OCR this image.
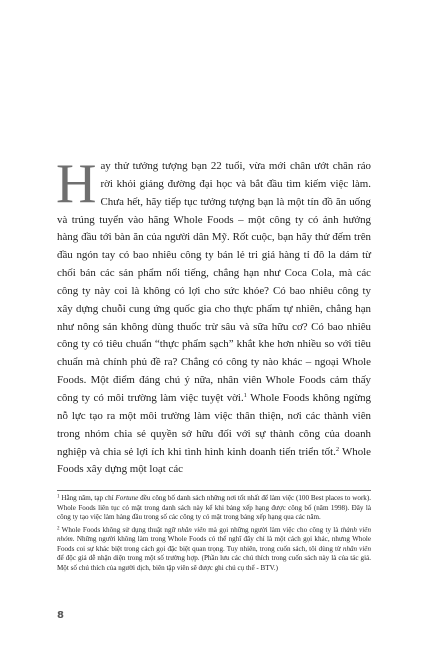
Hay thử tưởng tượng bạn 22 tuổi, vừa mới chân ướt chân ráo rời khỏi giảng đường đại học và bắt đầu tìm kiếm việc làm. Chưa hết, hãy tiếp tục tưởng tượng bạn là một tín đồ ăn uống và trúng tuyển vào hãng Whole Foods – một công ty có ảnh hưởng hàng đầu tới bàn ăn của người dân Mỹ. Rốt cuộc, bạn hãy thử đếm trên đầu ngón tay có bao nhiêu công ty bán lẻ tri giá hàng tỉ đô la dám từ chối bán các sản phẩm nổi tiếng, chẳng hạn như Coca Cola, mà các công ty này coi là không có lợi cho sức khỏe? Có bao nhiêu công ty xây dựng chuỗi cung ứng quốc gia cho thực phẩm tự nhiên, chẳng hạn như nông sản không dùng thuốc trừ sâu và sữa hữu cơ? Có bao nhiêu công ty có tiêu chuẩn “thực phẩm sạch” khắt khe hơn nhiều so với tiêu chuẩn mà chính phủ đề ra? Chẳng có công ty nào khác – ngoại Whole Foods. Một điểm đáng chú ý nữa, nhân viên Whole Foods cảm thấy công ty có môi trường làm việc tuyệt vời.$^1$ Whole Foods không ngừng nỗ lực tạo ra một môi trường làm việc thân thiện, nơi các thành viên trong nhóm chia sẻ quyền sở hữu đối với sự thành công của doanh nghiệp và chia sẻ lợi ích khi tình hình kinh doanh tiến triển tốt.$^2$ Whole Foods xây dựng một loạt các

$^1$ Hằng năm, tạp chí Fortune đều công bố danh sách những nơi tốt nhất để làm việc (100 Best places to work). Whole Foods liên tục có mặt trong danh sách này kể khi bảng xếp hạng được công bố (năm 1998). Đây là công ty tạo việc làm hàng đầu trong số các công ty có mặt trong bảng xếp hạng qua các năm.

$^2$ Whole Foods không sử dụng thuật ngữ nhân viên mà gọi những người làm việc cho công ty là thành viên nhóm. Những người không làm trong Whole Foods có thể nghĩ đây chỉ là một cách gọi khác, nhưng Whole Foods coi sự khác biệt trong cách gọi đặc biệt quan trọng. Tuy nhiên, trong cuốn sách, tôi dùng từ nhân viên để độc giả dễ nhận diện trong một số trường hợp. (Phần lưu các chú thích trong cuốn sách này là của tác giả. Một số chú thích của người dịch, biên tập viên sẽ được ghi chú cụ thể - BTV.)

8
